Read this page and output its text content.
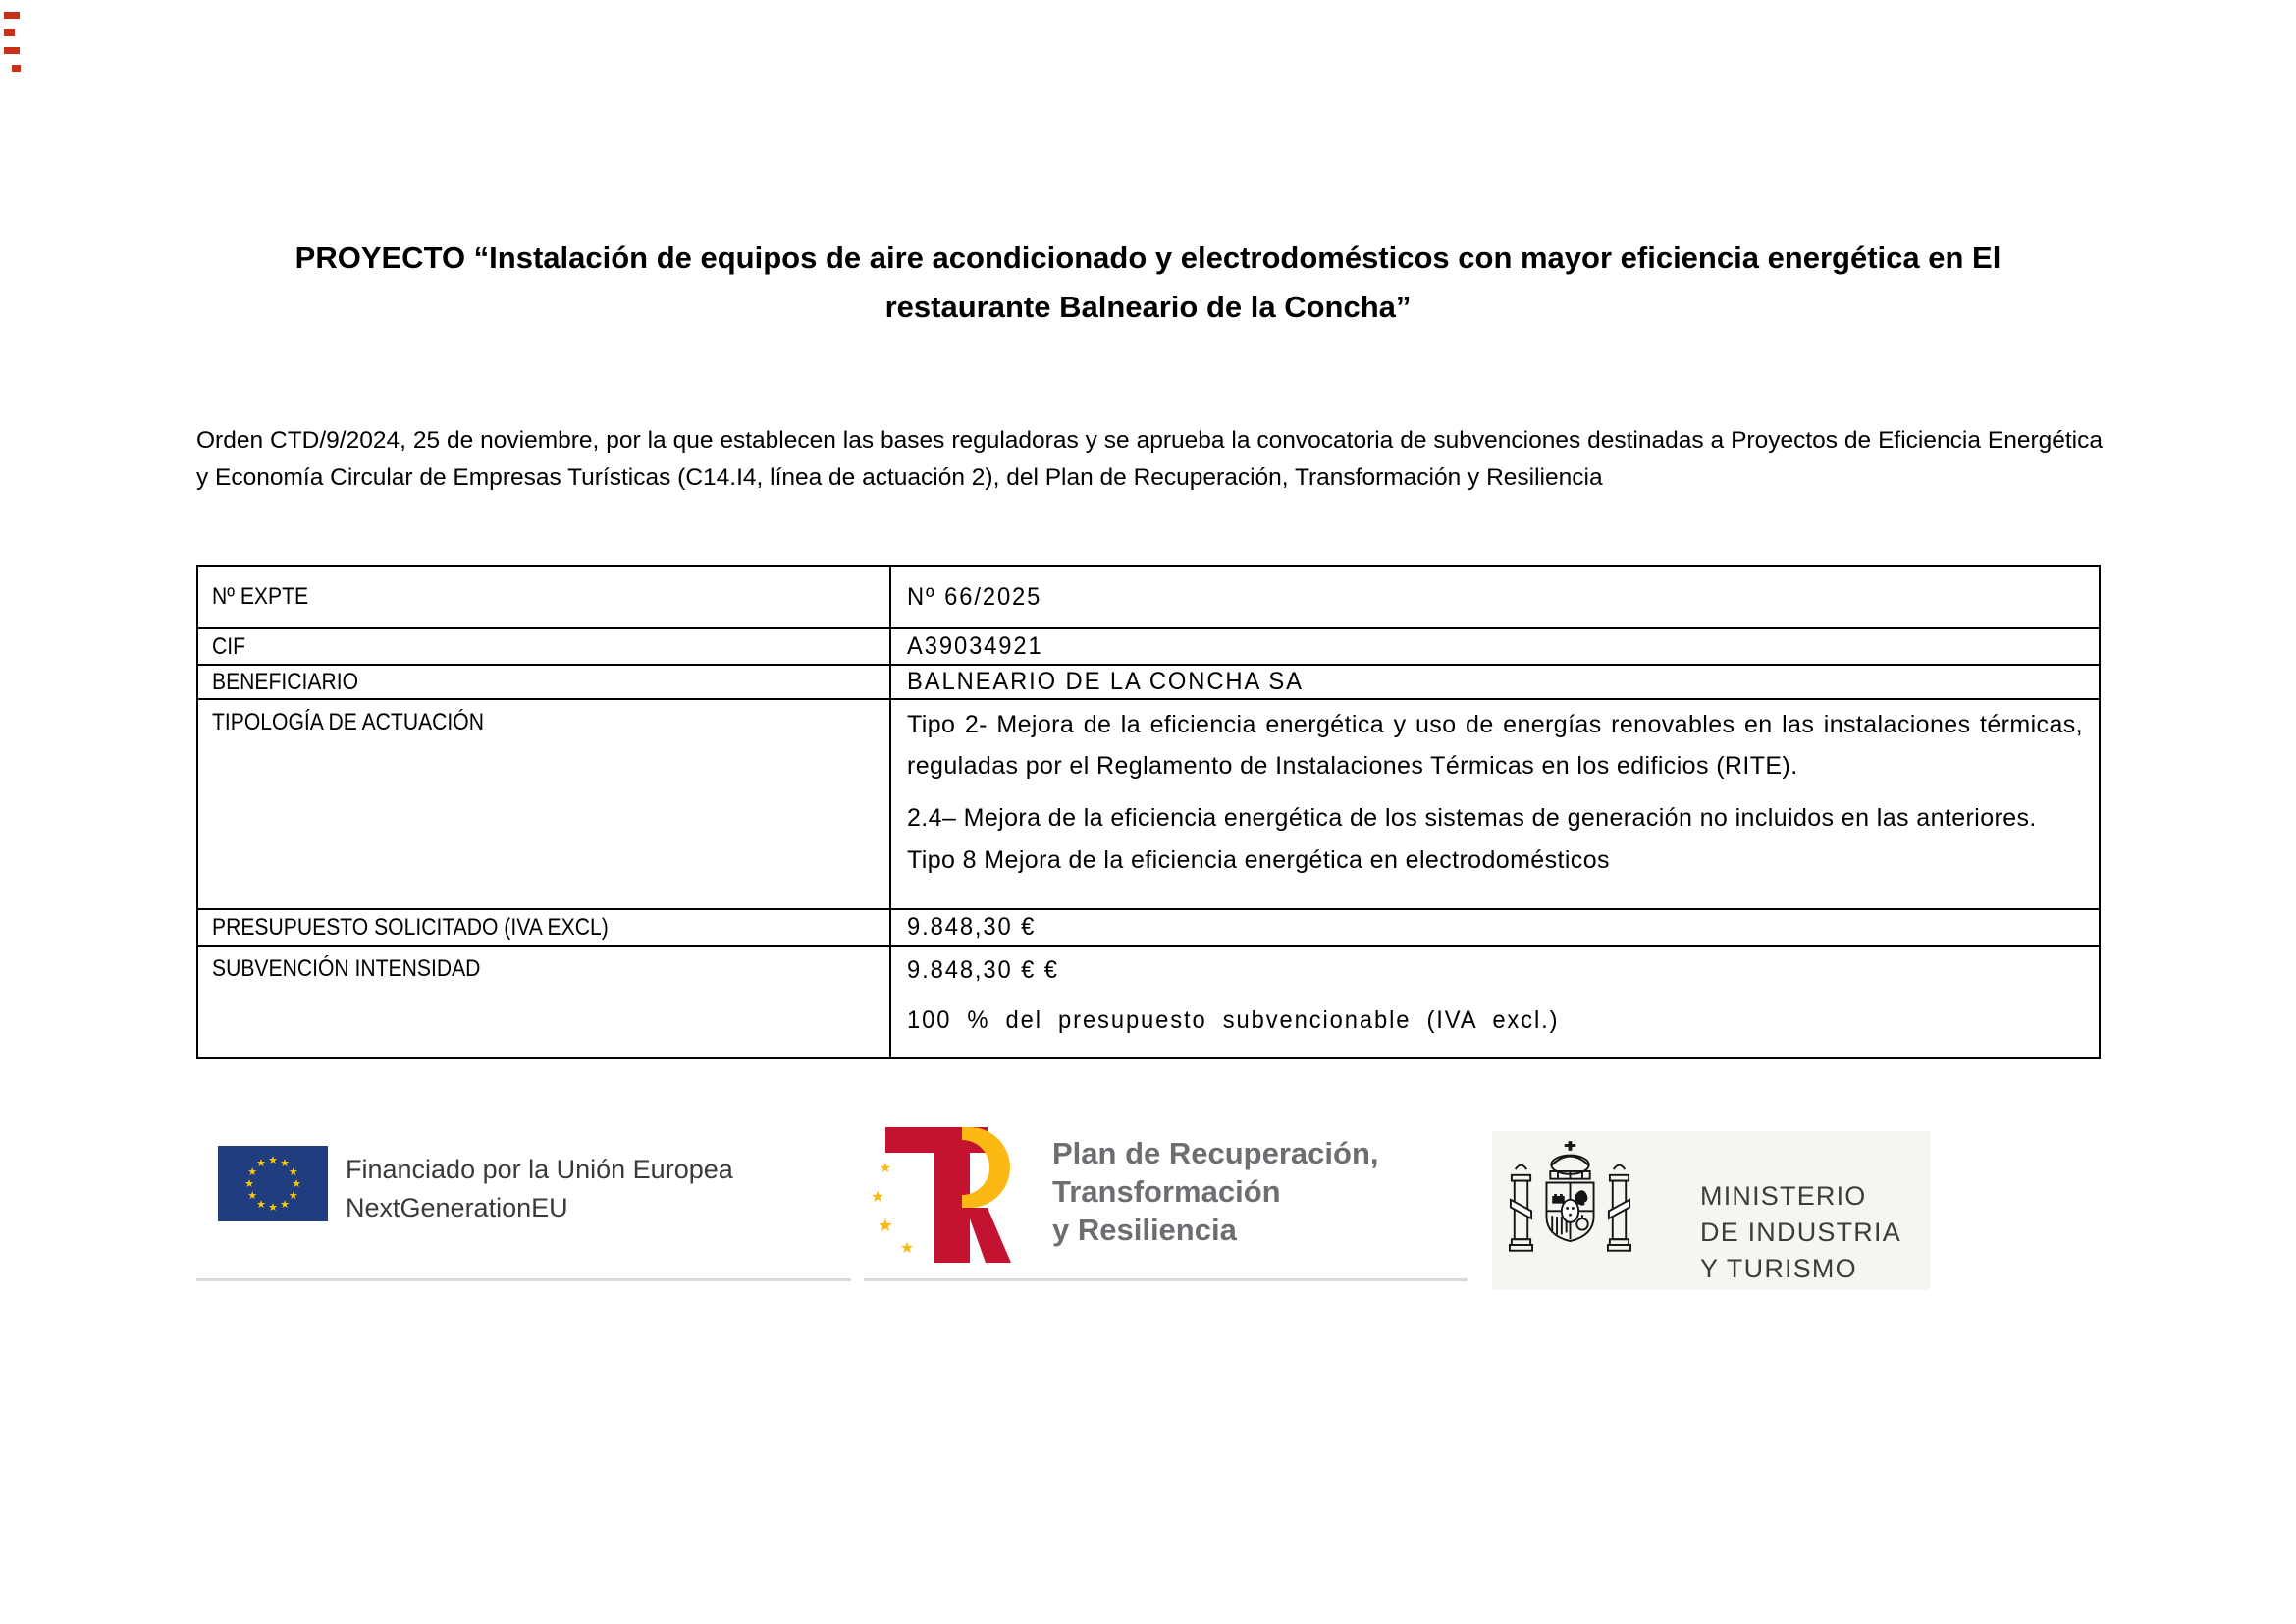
PROYECTO “Instalación de equipos de aire acondicionado y electrodomésticos con mayor eficiencia energética en El
restaurante Balneario de la Concha”
Orden CTD/9/2024, 25 de noviembre, por la que establecen las bases reguladoras y se aprueba la convocatoria de subvenciones destinadas a Proyectos de Eficiencia Energética y Economía Circular de Empresas Turísticas (C14.I4, línea de actuación 2), del Plan de Recuperación, Transformación y Resiliencia
Nº EXPTE	Nº 66/2025
CIF	A39034921
BENEFICIARIO	BALNEARIO DE LA CONCHA SA
TIPOLOGÍA DE ACTUACIÓN	Tipo 2- Mejora de la eficiencia energética y uso de energías renovables en las instalaciones térmicas, reguladas por el Reglamento de Instalaciones Térmicas en los edificios (RITE).

2.4– Mejora de la eficiencia energética de los sistemas de generación no incluidos en las anteriores.

Tipo 8 Mejora de la eficiencia energética en electrodomésticos

PRESUPUESTO SOLICITADO (IVA EXCL)	9.848,30 €
SUBVENCIÓN INTENSIDAD	9.848,30 € €
100 % del presupuesto subvencionable (IVA excl.)
★ ★
★
★
★
★
★
★
★
★
★
★	Financiado por la Unión Europea
NextGenerationEU
★
★
★
★
Plan de Recuperación,
Transformación
y Resiliencia
MINISTERIO
DE INDUSTRIA
Y TURISMO
